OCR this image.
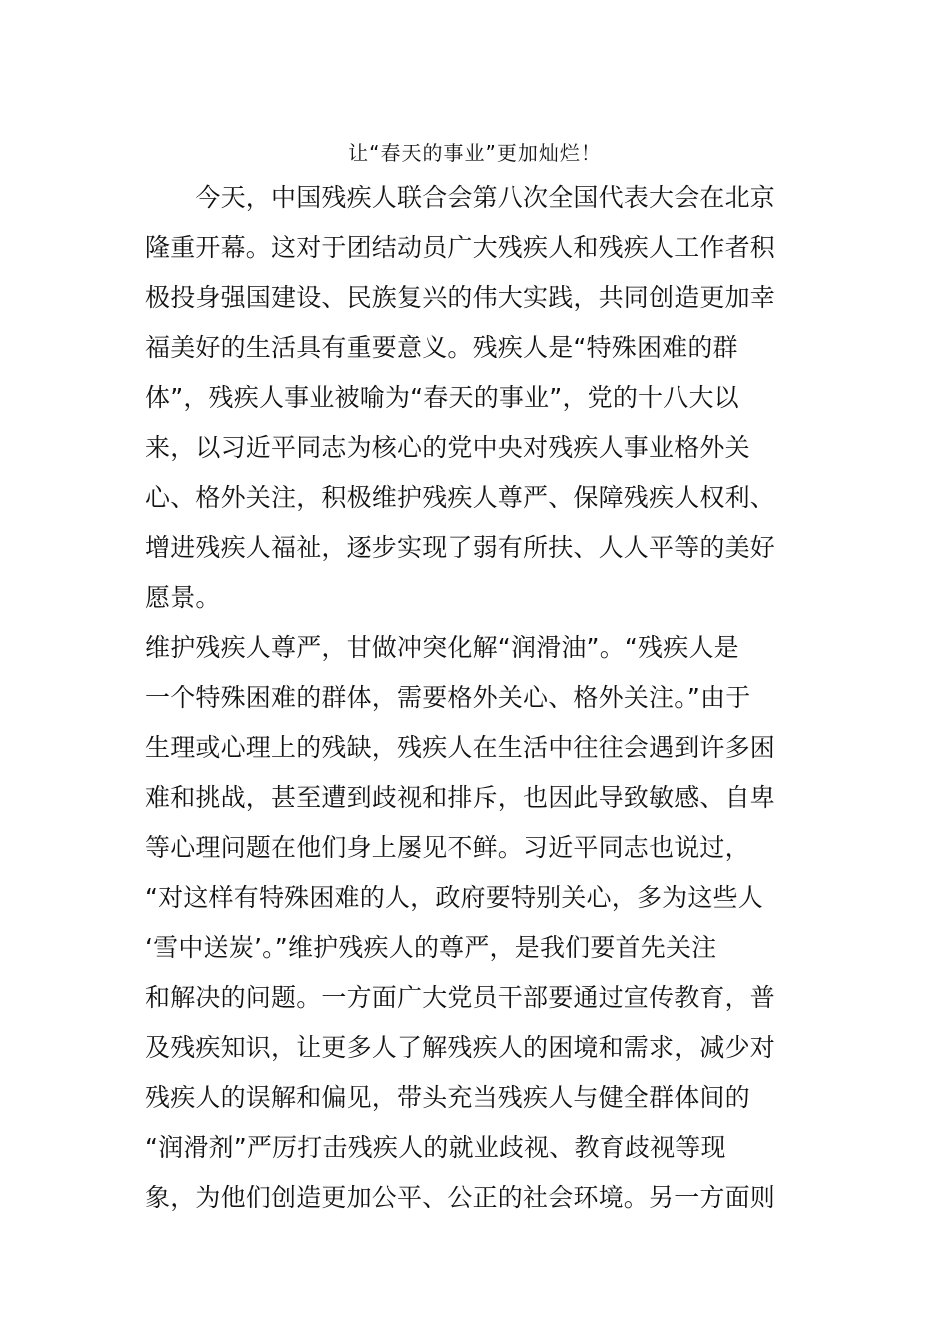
让“春天的事业”更加灿烂！
　　今天，中国残疾人联合会第八次全国代表大会在北京
隆重开幕。这对于团结动员广大残疾人和残疾人工作者积
极投身强国建设、民族复兴的伟大实践，共同创造更加幸
福美好的生活具有重要意义。残疾人是“特殊困难的群
体”，残疾人事业被喻为“春天的事业”，党的十八大以
来，以习近平同志为核心的党中央对残疾人事业格外关
心、格外关注，积极维护残疾人尊严、保障残疾人权利、
增进残疾人福祉，逐步实现了弱有所扶、人人平等的美好
愿景。
维护残疾人尊严，甘做冲突化解“润滑油”。“残疾人是
一个特殊困难的群体，需要格外关心、格外关注。”由于
生理或心理上的残缺，残疾人在生活中往往会遇到许多困
难和挑战，甚至遭到歧视和排斥，也因此导致敏感、自卑
等心理问题在他们身上屡见不鲜。习近平同志也说过，
“对这样有特殊困难的人，政府要特别关心，多为这些人
‘雪中送炭’。”维护残疾人的尊严，是我们要首先关注
和解决的问题。一方面广大党员干部要通过宣传教育，普
及残疾知识，让更多人了解残疾人的困境和需求，减少对
残疾人的误解和偏见，带头充当残疾人与健全群体间的
“润滑剂”严厉打击残疾人的就业歧视、教育歧视等现
象，为他们创造更加公平、公正的社会环境。另一方面则
